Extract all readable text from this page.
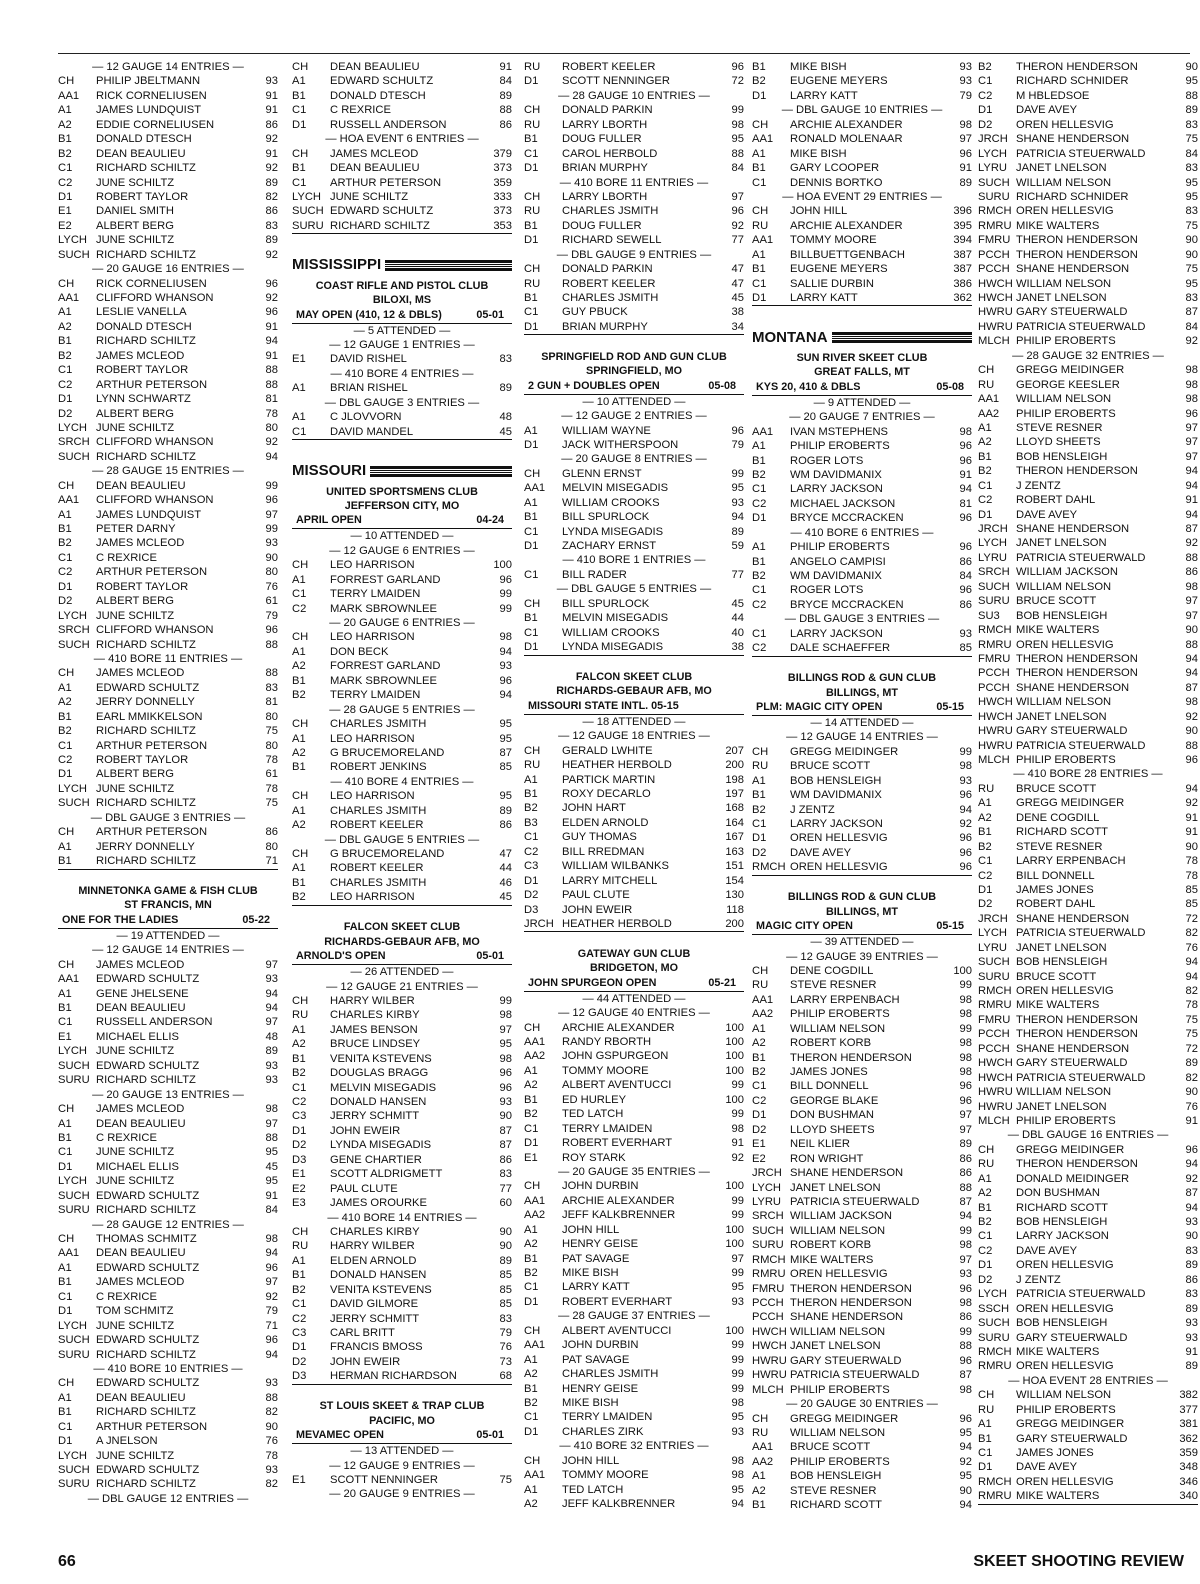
— 12 GAUGE 14 ENTRIES —
CH	PHILIP JBELTMANN	93
AA1	RICK CORNELIUSEN	91
A1	JAMES LUNDQUIST	91
A2	EDDIE CORNELIUSEN	86
B1	DONALD DTESCH	92
B2	DEAN BEAULIEU	91
C1	RICHARD SCHILTZ	92
C2	JUNE SCHILTZ	89
D1	ROBERT TAYLOR	82
E1	DANIEL SMITH	86
E2	ALBERT BERG	83
LYCH JUNE SCHILTZ	89
SUCH RICHARD SCHILTZ	92
— 20 GAUGE 16 ENTRIES —
CH	RICK CORNELIUSEN	96
AA1	CLIFFORD WHANSON	92
A1	LESLIE VANELLA	96
A2	DONALD DTESCH	91
B1	RICHARD SCHILTZ	94
B2	JAMES MCLEOD	91
C1	ROBERT TAYLOR	88
C2	ARTHUR PETERSON	88
D1	LYNN SCHWARTZ	81
D2	ALBERT BERG	78
LYCH JUNE SCHILTZ	80
SRCH CLIFFORD WHANSON	92
SUCH RICHARD SCHILTZ	94
— 28 GAUGE 15 ENTRIES —
CH	DEAN BEAULIEU	99
AA1	CLIFFORD WHANSON	96
A1	JAMES LUNDQUIST	97
B1	PETER DARNY	99
B2	JAMES MCLEOD	93
C1	C REXRICE	90
C2	ARTHUR PETERSON	80
D1	ROBERT TAYLOR	76
D2	ALBERT BERG	61
LYCH JUNE SCHILTZ	79
SRCH CLIFFORD WHANSON	96
SUCH RICHARD SCHILTZ	88
— 410 BORE 11 ENTRIES —
CH	JAMES MCLEOD	88
A1	EDWARD SCHULTZ	83
A2	JERRY DONNELLY	81
B1	EARL MMIKKELSON	80
B2	RICHARD SCHILTZ	75
C1	ARTHUR PETERSON	80
C2	ROBERT TAYLOR	78
D1	ALBERT BERG	61
LYCH JUNE SCHILTZ	78
SUCH RICHARD SCHILTZ	75
— DBL GAUGE 3 ENTRIES —
CH	ARTHUR PETERSON	86
A1	JERRY DONNELLY	80
B1	RICHARD SCHILTZ	71
MINNETONKA GAME & FISH CLUB
ST FRANCIS, MN
ONE FOR THE LADIES	05-22
— 19 ATTENDED —
— 12 GAUGE 14 ENTRIES —
CH	JAMES MCLEOD	97
AA1	EDWARD SCHULTZ	93
A1	GENE JHELSENE	94
B1	DEAN BEAULIEU	94
C1	RUSSELL ANDERSON	97
E1	MICHAEL ELLIS	48
LYCH JUNE SCHILTZ	89
SUCH EDWARD SCHULTZ	93
SURU RICHARD SCHILTZ	93
— 20 GAUGE 13 ENTRIES —
CH	JAMES MCLEOD	98
A1	DEAN BEAULIEU	97
B1	C REXRICE	88
C1	JUNE SCHILTZ	95
D1	MICHAEL ELLIS	45
LYCH JUNE SCHILTZ	95
SUCH EDWARD SCHULTZ	91
SURU RICHARD SCHILTZ	84
— 28 GAUGE 12 ENTRIES —
CH	THOMAS SCHMITZ	98
AA1	DEAN BEAULIEU	94
A1	EDWARD SCHULTZ	96
B1	JAMES MCLEOD	97
C1	C REXRICE	92
D1	TOM SCHMITZ	79
LYCH JUNE SCHILTZ	71
SUCH EDWARD SCHULTZ	96
SURU RICHARD SCHILTZ	94
— 410 BORE 10 ENTRIES —
CH	EDWARD SCHULTZ	93
A1	DEAN BEAULIEU	88
B1	RICHARD SCHILTZ	82
C1	ARTHUR PETERSON	90
D1	A JNELSON	76
LYCH JUNE SCHILTZ	78
SUCH EDWARD SCHULTZ	93
SURU RICHARD SCHILTZ	82
— DBL GAUGE 12 ENTRIES —
CH	DEAN BEAULIEU	91
A1	EDWARD SCHULTZ	84
B1	DONALD DTESCH	89
C1	C REXRICE	88
D1	RUSSELL ANDERSON	86
— HOA EVENT 6 ENTRIES —
CH	JAMES MCLEOD	379
B1	DEAN BEAULIEU	373
C1	ARTHUR PETERSON	359
LYCH JUNE SCHILTZ	333
SUCH EDWARD SCHULTZ	373
SURU RICHARD SCHILTZ	353
MISSISSIPPI
COAST RIFLE AND PISTOL CLUB
BILOXI, MS
MAY OPEN (410, 12 & DBLS)	05-01
— 5 ATTENDED —
— 12 GAUGE 1 ENTRIES —
E1	DAVID RISHEL	83
— 410 BORE 4 ENTRIES —
A1	BRIAN RISHEL	89
— DBL GAUGE 3 ENTRIES —
A1	C JLOVVORN	48
C1	DAVID MANDEL	45
MISSOURI
UNITED SPORTSMENS CLUB
JEFFERSON CITY, MO
APRIL OPEN	04-24
— 10 ATTENDED —
— 12 GAUGE 6 ENTRIES —
CH	LEO HARRISON	100
A1	FORREST GARLAND	96
C1	TERRY LMAIDEN	99
C2	MARK SBROWNLEE	99
— 20 GAUGE 6 ENTRIES —
CH	LEO HARRISON	98
A1	DON BECK	94
A2	FORREST GARLAND	93
B1	MARK SBROWNLEE	96
B2	TERRY LMAIDEN	94
— 28 GAUGE 5 ENTRIES —
CH	CHARLES JSMITH	95
A1	LEO HARRISON	95
A2	G BRUCEMORELAND	87
B1	ROBERT JENKINS	85
— 410 BORE 4 ENTRIES —
CH	LEO HARRISON	95
A1	CHARLES JSMITH	89
A2	ROBERT KEELER	86
— DBL GAUGE 5 ENTRIES —
CH	G BRUCEMORELAND	47
A1	ROBERT KEELER	44
B1	CHARLES JSMITH	46
B2	LEO HARRISON	45
FALCON SKEET CLUB
RICHARDS-GEBAUR AFB, MO
ARNOLD'S OPEN	05-01
— 26 ATTENDED —
— 12 GAUGE 21 ENTRIES —
CH	HARRY WILBER	99
RU	CHARLES KIRBY	98
A1	JAMES BENSON	97
A2	BRUCE LINDSEY	95
B1	VENITA KSTEVENS	98
B2	DOUGLAS BRAGG	96
C1	MELVIN MISEGADIS	96
C2	DONALD HANSEN	93
C3	JERRY SCHMITT	90
D1	JOHN EWEIR	87
D2	LYNDA MISEGADIS	87
D3	GENE CHARTIER	86
E1	SCOTT ALDRIGMETT	83
E2	PAUL CLUTE	77
E3	JAMES OROURKE	60
— 410 BORE 14 ENTRIES —
CH	CHARLES KIRBY	90
RU	HARRY WILBER	90
A1	ELDEN ARNOLD	89
B1	DONALD HANSEN	85
B2	VENITA KSTEVENS	85
C1	DAVID GILMORE	85
C2	JERRY SCHMITT	83
C3	CARL BRITT	79
D1	FRANCIS BMOSS	76
D2	JOHN EWEIR	73
D3	HERMAN RICHARDSON	68
ST LOUIS SKEET & TRAP CLUB
PACIFIC, MO
MEVAMEC OPEN	05-01
— 13 ATTENDED —
— 12 GAUGE 9 ENTRIES —
E1	SCOTT NENNINGER	75
— 20 GAUGE 9 ENTRIES —
RU	ROBERT KEELER	96
D1	SCOTT NENNINGER	72
— 28 GAUGE 10 ENTRIES —
CH	DONALD PARKIN	99
RU	LARRY LBORTH	98
B1	DOUG FULLER	95
C1	CAROL HERBOLD	88
D1	BRIAN MURPHY	84
— 410 BORE 11 ENTRIES —
CH	LARRY LBORTH	97
RU	CHARLES JSMITH	96
B1	DOUG FULLER	92
D1	RICHARD SEWELL	77
— DBL GAUGE 9 ENTRIES —
CH	DONALD PARKIN	47
RU	ROBERT KEELER	47
B1	CHARLES JSMITH	45
C1	GUY PBUCK	38
D1	BRIAN MURPHY	34
SPRINGFIELD ROD AND GUN CLUB
SPRINGFIELD, MO
2 GUN + DOUBLES OPEN	05-08
— 10 ATTENDED —
— 12 GAUGE 2 ENTRIES —
A1	WILLIAM WAYNE	96
D1	JACK WITHERSPOON	79
— 20 GAUGE 8 ENTRIES —
CH	GLENN ERNST	99
AA1	MELVIN MISEGADIS	95
A1	WILLIAM CROOKS	93
B1	BILL SPURLOCK	94
C1	LYNDA MISEGADIS	89
D1	ZACHARY ERNST	59
— 410 BORE 1 ENTRIES —
C1	BILL RADER	77
— DBL GAUGE 5 ENTRIES —
CH	BILL SPURLOCK	45
B1	MELVIN MISEGADIS	44
C1	WILLIAM CROOKS	40
D1	LYNDA MISEGADIS	38
FALCON SKEET CLUB
RICHARDS-GEBAUR AFB, MO
MISSOURI STATE INTL. 05-15
— 18 ATTENDED —
— 12 GAUGE 18 ENTRIES —
CH	GERALD LWHITE	207
RU	HEATHER HERBOLD	200
A1	PARTICK MARTIN	198
B1	ROXY DECARLO	197
B2	JOHN HART	168
B3	ELDEN ARNOLD	164
C1	GUY THOMAS	167
C2	BILL RREDMAN	163
C3	WILLIAM WILBANKS	151
D1	LARRY MITCHELL	154
D2	PAUL CLUTE	130
D3	JOHN EWEIR	118
JRCH HEATHER HERBOLD	200
GATEWAY GUN CLUB
BRIDGETON, MO
JOHN SPURGEON OPEN	05-21
— 44 ATTENDED —
— 12 GAUGE 40 ENTRIES —
CH	ARCHIE ALEXANDER	100
AA1	RANDY RBORTH	100
AA2	JOHN GSPURGEON	100
A1	TOMMY MOORE	100
A2	ALBERT AVENTUCCI	99
B1	ED HURLEY	100
B2	TED LATCH	99
C1	TERRY LMAIDEN	98
D1	ROBERT EVERHART	91
E1	ROY STARK	92
— 20 GAUGE 35 ENTRIES —
CH	JOHN DURBIN	100
AA1	ARCHIE ALEXANDER	99
AA2	JEFF KALKBRENNER	99
A1	JOHN HILL	100
A2	HENRY GEISE	100
B1	PAT SAVAGE	97
B2	MIKE BISH	99
C1	LARRY KATT	95
D1	ROBERT EVERHART	93
— 28 GAUGE 37 ENTRIES —
CH	ALBERT AVENTUCCI	100
AA1	JOHN DURBIN	99
A1	PAT SAVAGE	99
A2	CHARLES JSMITH	99
B1	HENRY GEISE	99
B2	MIKE BISH	98
C1	TERRY LMAIDEN	95
D1	CHARLES ZIRK	93
— 410 BORE 32 ENTRIES —
CH	JOHN HILL	98
AA1	TOMMY MOORE	98
A1	TED LATCH	95
A2	JEFF KALKBRENNER	94
B1	MIKE BISH	93
B2	EUGENE MEYERS	93
D1	LARRY KATT	79
— DBL GAUGE 10 ENTRIES —
CH	ARCHIE ALEXANDER	98
AA1	RONALD MOLENAAR	97
A1	MIKE BISH	96
B1	GARY LCOOPER	91
C1	DENNIS BORTKO	89
— HOA EVENT 29 ENTRIES —
CH	JOHN HILL	396
RU	ARCHIE ALEXANDER	395
AA1	TOMMY MOORE	394
A1	BILLBUETTGENBACH	387
B1	EUGENE MEYERS	387
C1	SALLIE DURBIN	386
D1	LARRY KATT	362
MONTANA
SUN RIVER SKEET CLUB
GREAT FALLS, MT
KYS 20, 410 & DBLS	05-08
— 9 ATTENDED —
— 20 GAUGE 7 ENTRIES —
AA1	IVAN MSTEPHENS	98
A1	PHILIP EROBERTS	96
B1	ROGER LOTS	96
B2	WM DAVIDMANIX	91
C1	LARRY JACKSON	94
C2	MICHAEL JACKSON	81
D1	BRYCE MCCRACKEN	96
— 410 BORE 6 ENTRIES —
A1	PHILIP EROBERTS	96
B1	ANGELO CAMPISI	86
B2	WM DAVIDMANIX	84
C1	ROGER LOTS	96
C2	BRYCE MCCRACKEN	86
— DBL GAUGE 3 ENTRIES —
C1	LARRY JACKSON	93
C2	DALE SCHAEFFER	85
BILLINGS ROD & GUN CLUB
BILLINGS, MT
PLM: MAGIC CITY OPEN	05-15
— 14 ATTENDED —
— 12 GAUGE 14 ENTRIES —
CH	GREGG MEIDINGER	99
RU	BRUCE SCOTT	98
A1	BOB HENSLEIGH	93
B1	WM DAVIDMANIX	96
B2	J ZENTZ	94
C1	LARRY JACKSON	92
D1	OREN HELLESVIG	96
D2	DAVE AVEY	96
RMCH OREN HELLESVIG	96
BILLINGS ROD & GUN CLUB
BILLINGS, MT
MAGIC CITY OPEN	05-15
— 39 ATTENDED —
— 12 GAUGE 39 ENTRIES —
CH	DENE COGDILL	100
RU	STEVE RESNER	99
AA1	LARRY ERPENBACH	98
AA2	PHILIP EROBERTS	98
A1	WILLIAM NELSON	99
A2	ROBERT KORB	98
B1	THERON HENDERSON	98
B2	JAMES JONES	98
C1	BILL DONNELL	96
C2	GEORGE BLAKE	96
D1	DON BUSHMAN	97
D2	LLOYD SHEETS	97
E1	NEIL KLIER	89
E2	RON WRIGHT	86
JRCH SHANE HENDERSON	86
LYCH JANET LNELSON	88
LYRU PATRICIA STEUERWALD	87
SRCH WILLIAM JACKSON	94
SUCH WILLIAM NELSON	99
SURU ROBERT KORB	98
RMCH MIKE WALTERS	97
RMRU OREN HELLESVIG	93
FMRU THERON HENDERSON	96
PCCH THERON HENDERSON	98
PCCH SHANE HENDERSON	86
HWCH WILLIAM NELSON	99
HWCH JANET LNELSON	88
HWRU GARY STEUERWALD	96
HWRU PATRICIA STEUERWALD	87
MLCH PHILIP EROBERTS	98
— 20 GAUGE 30 ENTRIES —
CH	GREGG MEIDINGER	96
RU	WILLIAM NELSON	95
AA1	BRUCE SCOTT	94
AA2	PHILIP EROBERTS	92
A1	BOB HENSLEIGH	95
A2	STEVE RESNER	90
B1	RICHARD SCOTT	94
B2	THERON HENDERSON	90
C1	RICHARD SCHNIDER	95
C2	M HBLEDSOE	88
D1	DAVE AVEY	89
D2	OREN HELLESVIG	83
JRCH SHANE HENDERSON	75
LYCH PATRICIA STEUERWALD	84
LYRU JANET LNELSON	83
SUCH WILLIAM NELSON	95
SURU RICHARD SCHNIDER	95
RMCH OREN HELLESVIG	83
RMRU MIKE WALTERS	75
FMRU THERON HENDERSON	90
PCCH THERON HENDERSON	90
PCCH SHANE HENDERSON	75
HWCH WILLIAM NELSON	95
HWCH JANET LNELSON	83
HWRU GARY STEUERWALD	87
HWRU PATRICIA STEUERWALD	84
MLCH PHILIP EROBERTS	92
— 28 GAUGE 32 ENTRIES —
CH	GREGG MEIDINGER	98
RU	GEORGE KEESLER	98
AA1	WILLIAM NELSON	98
AA2	PHILIP EROBERTS	96
A1	STEVE RESNER	97
A2	LLOYD SHEETS	97
B1	BOB HENSLEIGH	97
B2	THERON HENDERSON	94
C1	J ZENTZ	94
C2	ROBERT DAHL	91
D1	DAVE AVEY	94
JRCH SHANE HENDERSON	87
LYCH JANET LNELSON	92
LYRU PATRICIA STEUERWALD	88
SRCH WILLIAM JACKSON	86
SUCH WILLIAM NELSON	98
SURU BRUCE SCOTT	97
SU3	BOB HENSLEIGH	97
RMCH MIKE WALTERS	90
RMRU OREN HELLESVIG	88
FMRU THERON HENDERSON	94
PCCH THERON HENDERSON	94
PCCH SHANE HENDERSON	87
HWCH WILLIAM NELSON	98
HWCH JANET LNELSON	92
HWRU GARY STEUERWALD	90
HWRU PATRICIA STEUERWALD	88
MLCH PHILIP EROBERTS	96
— 410 BORE 28 ENTRIES —
RU	BRUCE SCOTT	94
A1	GREGG MEIDINGER	92
A2	DENE COGDILL	91
B1	RICHARD SCOTT	91
B2	STEVE RESNER	90
C1	LARRY ERPENBACH	78
C2	BILL DONNELL	78
D1	JAMES JONES	85
D2	ROBERT DAHL	85
JRCH SHANE HENDERSON	72
LYCH PATRICIA STEUERWALD	82
LYRU JANET LNELSON	76
SUCH BOB HENSLEIGH	94
SURU BRUCE SCOTT	94
RMCH OREN HELLESVIG	82
RMRU MIKE WALTERS	78
FMRU THERON HENDERSON	75
PCCH THERON HENDERSON	75
PCCH SHANE HENDERSON	72
HWCH GARY STEUERWALD	89
HWCH PATRICIA STEUERWALD	82
HWRU WILLIAM NELSON	90
HWRU JANET LNELSON	76
MLCH PHILIP EROBERTS	91
— DBL GAUGE 16 ENTRIES —
CH	GREGG MEIDINGER	96
RU	THERON HENDERSON	94
A1	DONALD MEIDINGER	92
A2	DON BUSHMAN	87
B1	RICHARD SCOTT	94
B2	BOB HENSLEIGH	93
C1	LARRY JACKSON	90
C2	DAVE AVEY	83
D1	OREN HELLESVIG	89
D2	J ZENTZ	86
LYCH PATRICIA STEUERWALD	83
SSCH OREN HELLESVIG	89
SUCH BOB HENSLEIGH	93
SURU GARY STEUERWALD	93
RMCH MIKE WALTERS	91
RMRU OREN HELLESVIG	89
— HOA EVENT 28 ENTRIES —
CH	WILLIAM NELSON	382
RU	PHILIP EROBERTS	377
A1	GREGG MEIDINGER	381
B1	GARY STEUERWALD	362
C1	JAMES JONES	359
D1	DAVE AVEY	348
RMCH OREN HELLESVIG	346
RMRU MIKE WALTERS	340
66	SKEET SHOOTING REVIEW
